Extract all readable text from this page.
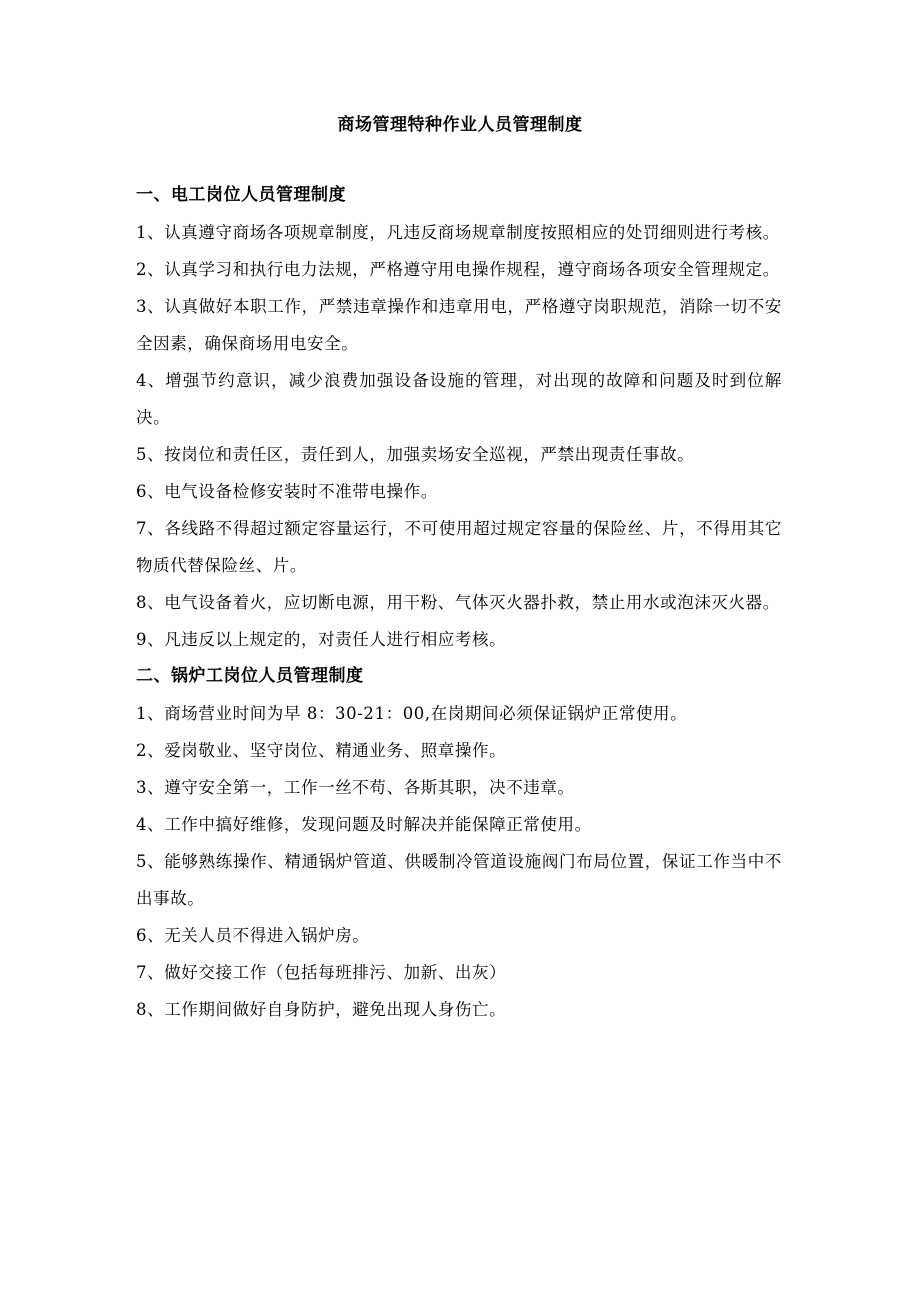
商场管理特种作业人员管理制度

一、电工岗位人员管理制度

1、认真遵守商场各项规章制度，凡违反商场规章制度按照相应的处罚细则进行考核。

2、认真学习和执行电力法规，严格遵守用电操作规程，遵守商场各项安全管理规定。

3、认真做好本职工作，严禁违章操作和违章用电，严格遵守岗职规范，消除一切不安全因素，确保商场用电安全。

4、增强节约意识，减少浪费加强设备设施的管理，对出现的故障和问题及时到位解决。

5、按岗位和责任区，责任到人，加强卖场安全巡视，严禁出现责任事故。

6、电气设备检修安装时不准带电操作。

7、各线路不得超过额定容量运行，不可使用超过规定容量的保险丝、片，不得用其它物质代替保险丝、片。

8、电气设备着火，应切断电源，用干粉、气体灭火器扑救，禁止用水或泡沫灭火器。

9、凡违反以上规定的，对责任人进行相应考核。

二、锅炉工岗位人员管理制度

1、商场营业时间为早 8：30-21：00,在岗期间必须保证锅炉正常使用。

2、爱岗敬业、坚守岗位、精通业务、照章操作。

3、遵守安全第一，工作一丝不苟、各斯其职，决不违章。

4、工作中搞好维修，发现问题及时解决并能保障正常使用。

5、能够熟练操作、精通锅炉管道、供暖制冷管道设施阀门布局位置，保证工作当中不出事故。

6、无关人员不得进入锅炉房。

7、做好交接工作（包括每班排污、加新、出灰）

8、工作期间做好自身防护，避免出现人身伤亡。
